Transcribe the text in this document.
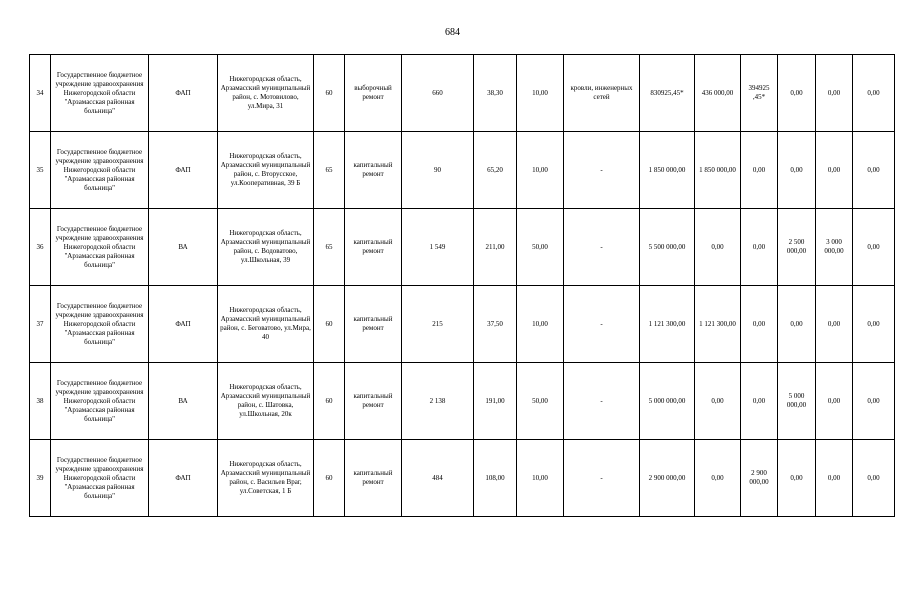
684
34	Государственное бюджетное учреждение здравоохранения Нижегородской области "Арзамасская районная больница"	ФАП	Нижегородская область, Арзамасский муниципальный район, с. Мотовилово, ул.Мира, 31	60	выборочный ремонт	660	38,30	10,00	кровли, инженерных сетей	830925,45*	436 000,00	394925 ,45*	0,00	0,00	0,00
35	Государственное бюджетное учреждение здравоохранения Нижегородской области "Арзамасская районная больница"	ФАП	Нижегородская область, Арзамасский муниципальный район, с. Вторусское, ул.Кооперативная, 39 Б	65	капитальный ремонт	90	65,20	10,00	-	1 850 000,00	1 850 000,00	0,00	0,00	0,00	0,00
36	Государственное бюджетное учреждение здравоохранения Нижегородской области "Арзамасская районная больница"	ВА	Нижегородская область, Арзамасский муниципальный район, с. Водоватово, ул.Школьная, 39	65	капитальный ремонт	1 549	211,00	50,00	-	5 500 000,00	0,00	0,00	2 500 000,00	3 000 000,00	0,00
37	Государственное бюджетное учреждение здравоохранения Нижегородской области "Арзамасская районная больница"	ФАП	Нижегородская область, Арзамасский муниципальный район, с. Беговатово, ул.Мира, 40	60	капитальный ремонт	215	37,50	10,00	-	1 121 300,00	1 121 300,00	0,00	0,00	0,00	0,00
38	Государственное бюджетное учреждение здравоохранения Нижегородской области "Арзамасская районная больница"	ВА	Нижегородская область, Арзамасский муниципальный район, с. Шатовка, ул.Школьная, 20к	60	капитальный ремонт	2 138	191,00	50,00	-	5 000 000,00	0,00	0,00	5 000 000,00	0,00	0,00
39	Государственное бюджетное учреждение здравоохранения Нижегородской области "Арзамасская районная больница"	ФАП	Нижегородская область, Арзамасский муниципальный район, с. Васильев Враг, ул.Советская, 1 Б	60	капитальный ремонт	484	108,00	10,00	-	2 900 000,00	0,00	2 900 000,00	0,00	0,00	0,00
